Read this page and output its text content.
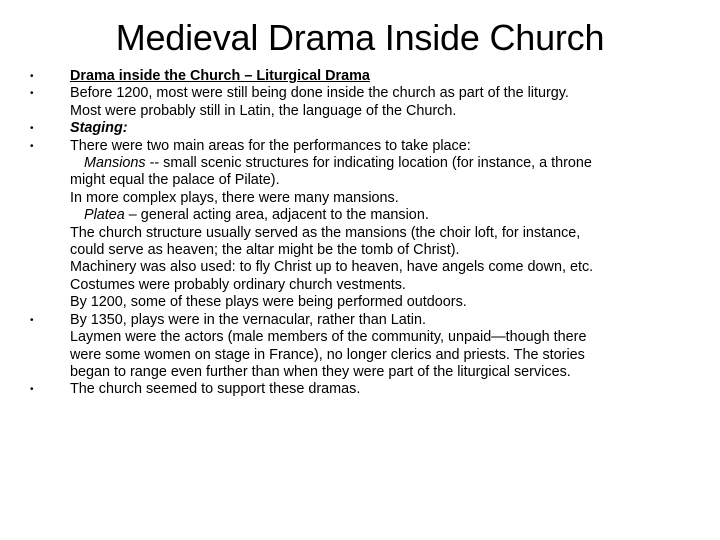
Medieval Drama Inside Church
•	Drama inside the Church – Liturgical Drama
•	Before 1200, most were still being done inside the church as part of the liturgy.
Most were probably still in Latin, the language of the Church.
•	Staging:
•	There were two main areas for the performances to take place:
Mansions -- small scenic structures for indicating location (for instance, a throne
might equal the palace of Pilate).
In more complex plays, there were many mansions.
Platea – general acting area, adjacent to the mansion.
The church structure usually served as the mansions (the choir loft, for instance,
could serve as heaven; the altar might be the tomb of Christ).
Machinery was also used: to fly Christ up to heaven, have angels come down, etc.
Costumes were probably ordinary church vestments.
By 1200, some of these plays were being performed outdoors.
•	By 1350, plays were in the vernacular, rather than Latin.
Laymen were the actors (male members of the community, unpaid—though there
were some women on stage in France), no longer clerics and priests. The stories
began to range even further than when they were part of the liturgical services.
•	The church seemed to support these dramas.
